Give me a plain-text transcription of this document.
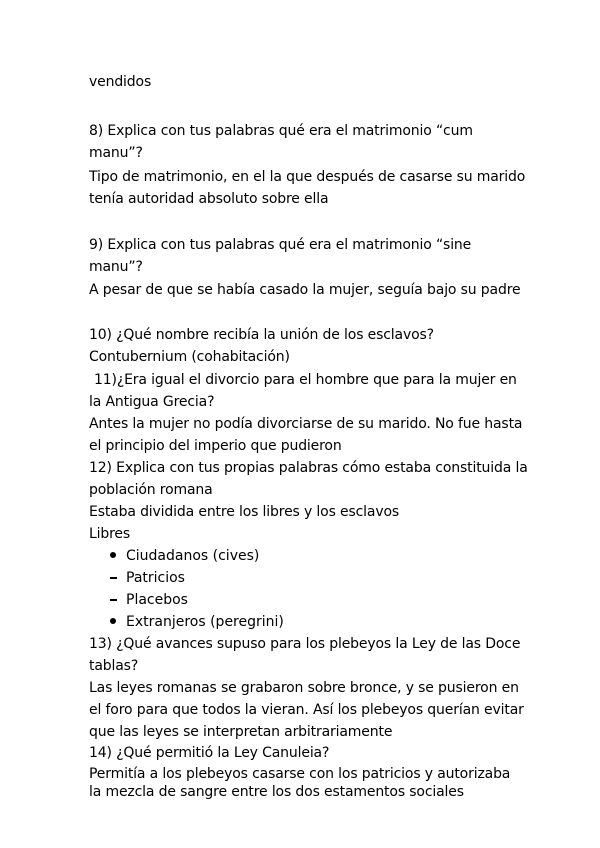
vendidos
8) Explica con tus palabras qué era el matrimonio “cum
manu”?
Tipo de matrimonio, en el la que después de casarse su marido
tenía autoridad absoluto sobre ella
9) Explica con tus palabras qué era el matrimonio “sine
manu”?
A pesar de que se había casado la mujer, seguía bajo su padre
10) ¿Qué nombre recibía la unión de los esclavos?
Contubernium (cohabitación)
11)¿Era igual el divorcio para el hombre que para la mujer en
la Antigua Grecia?
Antes la mujer no podía divorciarse de su marido. No fue hasta
el principio del imperio que pudieron
12) Explica con tus propias palabras cómo estaba constituida la
población romana
Estaba dividida entre los libres y los esclavos
Libres
Ciudadanos (cives)
Patricios
Placebos
Extranjeros (peregrini)
13) ¿Qué avances supuso para los plebeyos la Ley de las Doce
tablas?
Las leyes romanas se grabaron sobre bronce, y se pusieron en
el foro para que todos la vieran. Así los plebeyos querían evitar
que las leyes se interpretan arbitrariamente
14) ¿Qué permitió la Ley Canuleia?
Permitía a los plebeyos casarse con los patricios y autorizaba
la mezcla de sangre entre los dos estamentos sociales
